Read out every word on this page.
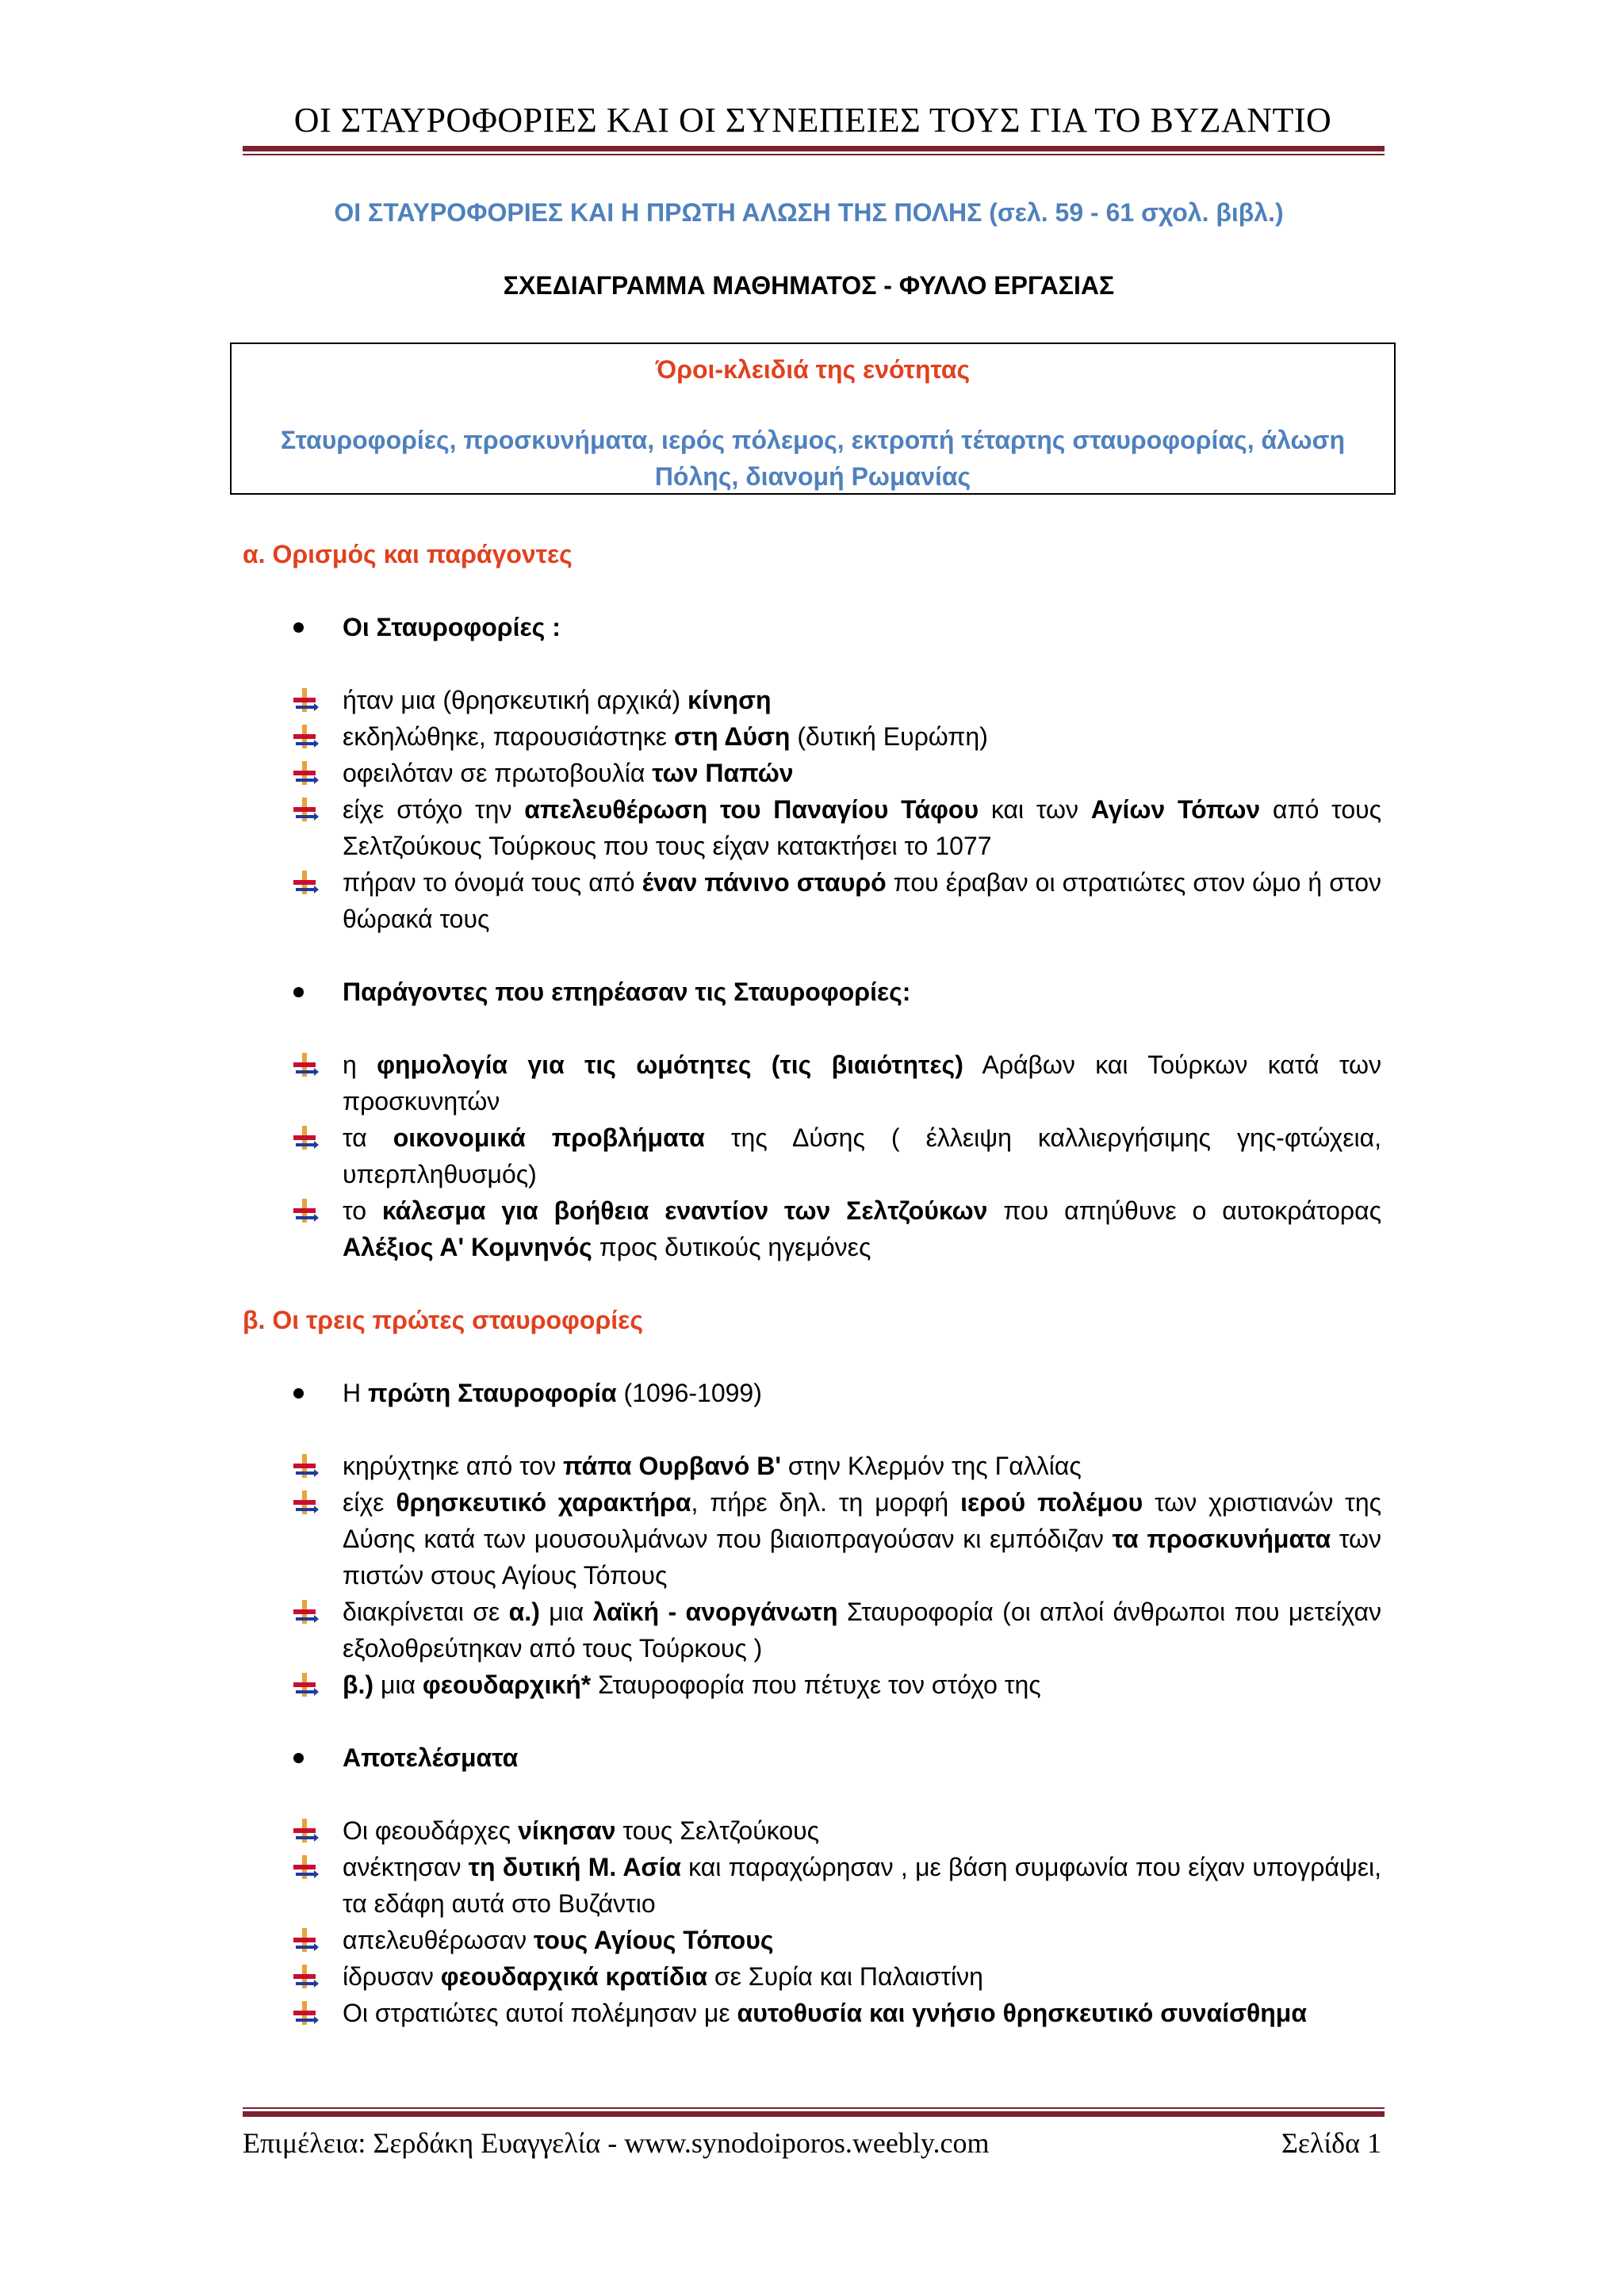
ΟΙ ΣΤΑΥΡΟΦΟΡΙΕΣ ΚΑΙ ΟΙ ΣΥΝΕΠΕΙΕΣ ΤΟΥΣ ΓΙΑ ΤΟ ΒΥΖΑΝΤΙΟ
ΟΙ ΣΤΑΥΡΟΦΟΡΙΕΣ ΚΑΙ Η ΠΡΩΤΗ ΑΛΩΣΗ ΤΗΣ ΠΟΛΗΣ (σελ. 59 - 61 σχολ. βιβλ.)
ΣΧΕΔΙΑΓΡΑΜΜΑ ΜΑΘΗΜΑΤΟΣ - ΦΥΛΛΟ ΕΡΓΑΣΙΑΣ
Όροι-κλειδιά της ενότητας
Σταυροφορίες, προσκυνήματα, ιερός πόλεμος, εκτροπή τέταρτης σταυροφορίας, άλωση Πόλης, διανομή Ρωμανίας
α. Ορισμός και παράγοντες

Οι Σταυροφορίες :

ήταν μια (θρησκευτική αρχικά) κίνηση
εκδηλώθηκε, παρουσιάστηκε στη Δύση (δυτική Ευρώπη)
οφειλόταν σε πρωτοβουλία των Παπών
είχε στόχο την απελευθέρωση του Παναγίου Τάφου και των Αγίων Τόπων από τους Σελτζούκους Τούρκους που τους είχαν κατακτήσει το 1077
πήραν το όνομά τους από έναν πάνινο σταυρό που έραβαν οι στρατιώτες στον ώμο ή στον θώρακά τους

Παράγοντες που επηρέασαν τις Σταυροφορίες:

η φημολογία για τις ωμότητες (τις βιαιότητες) Αράβων και Τούρκων κατά των προσκυνητών
τα οικονομικά προβλήματα της Δύσης ( έλλειψη καλλιεργήσιμης γης-φτώχεια, υπερπληθυσμός)
το κάλεσμα για βοήθεια εναντίον των Σελτζούκων που απηύθυνε ο αυτοκράτορας Αλέξιος Α' Κομνηνός προς δυτικούς ηγεμόνες
β. Οι τρεις πρώτες σταυροφορίες

Η πρώτη Σταυροφορία (1096-1099)

κηρύχτηκε από τον πάπα Ουρβανό Β' στην Κλερμόν της Γαλλίας
είχε θρησκευτικό χαρακτήρα, πήρε δηλ. τη μορφή ιερού πολέμου των χριστιανών της Δύσης κατά των μουσουλμάνων που βιαιοπραγούσαν κι εμπόδιζαν τα προσκυνήματα των πιστών στους Αγίους Τόπους
διακρίνεται σε α.) μια λαϊκή - ανοργάνωτη Σταυροφορία (οι απλοί άνθρωποι που μετείχαν εξολοθρεύτηκαν από τους Τούρκους )
β.) μια φεουδαρχική* Σταυροφορία που πέτυχε τον στόχο της

Αποτελέσματα

Οι φεουδάρχες νίκησαν τους Σελτζούκους
ανέκτησαν τη δυτική Μ. Ασία και παραχώρησαν , με βάση συμφωνία που είχαν υπογράψει, τα εδάφη αυτά στο Βυζάντιο
απελευθέρωσαν τους Αγίους Τόπους
ίδρυσαν φεουδαρχικά κρατίδια σε Συρία και Παλαιστίνη
Οι στρατιώτες αυτοί πολέμησαν με αυτοθυσία και γνήσιο θρησκευτικό συναίσθημα
Επιμέλεια: Σερδάκη Ευαγγελία - www.synodoiporos.weebly.com	Σελίδα 1
